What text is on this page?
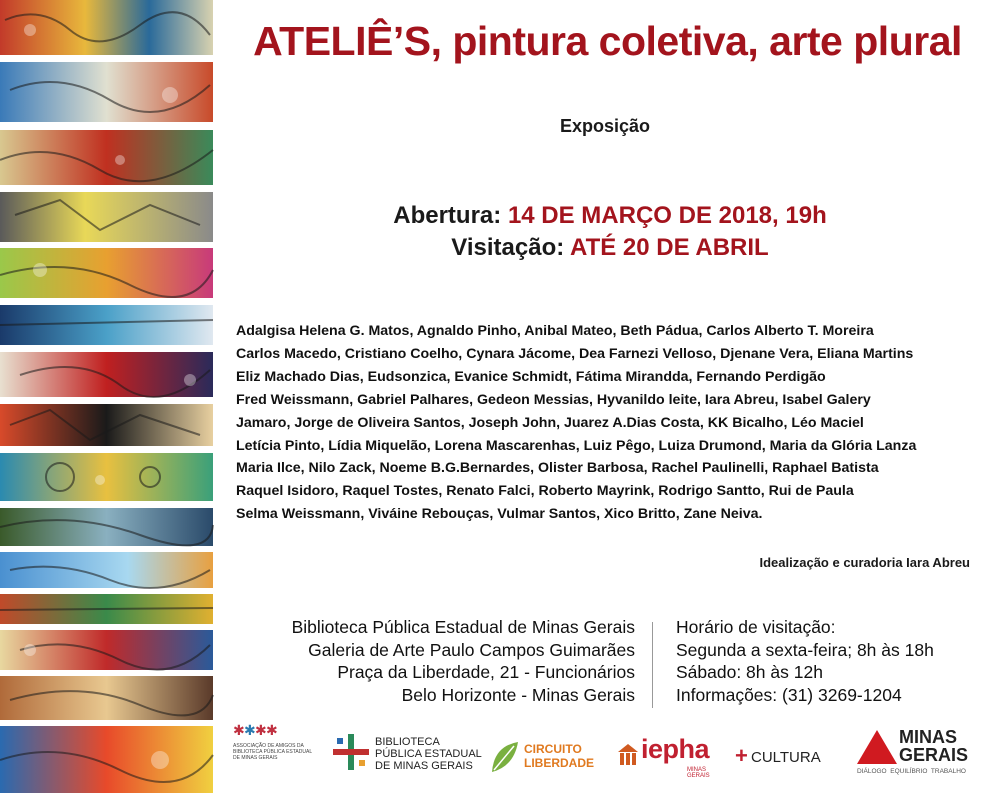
ATELIÊ’S, pintura coletiva, arte plural
Exposição
Abertura: 14 DE MARÇO DE 2018, 19h
Visitação: ATÉ 20 DE ABRIL
Adalgisa Helena G. Matos, Agnaldo Pinho, Anibal Mateo, Beth Pádua, Carlos Alberto T. Moreira
Carlos Macedo, Cristiano Coelho, Cynara Jácome, Dea Farnezi Velloso, Djenane Vera, Eliana Martins
Eliz Machado Dias, Eudsonzica, Evanice Schmidt, Fátima Mirandda, Fernando Perdigão
Fred Weissmann, Gabriel Palhares, Gedeon Messias, Hyvanildo leite, Iara Abreu, Isabel Galery
Jamaro, Jorge de Oliveira Santos, Joseph John, Juarez A.Dias Costa, KK Bicalho, Léo Maciel
Letícia Pinto, Lídia Miquelão, Lorena Mascarenhas, Luiz Pêgo, Luiza Drumond, Maria da Glória Lanza
Maria Ilce, Nilo Zack, Noeme B.G.Bernardes, Olister Barbosa, Rachel Paulinelli, Raphael Batista
Raquel Isidoro, Raquel Tostes, Renato Falci, Roberto Mayrink, Rodrigo Santto, Rui de Paula
Selma Weissmann, Viváine Rebouças, Vulmar Santos, Xico Britto, Zane Neiva.
Idealização e curadoria Iara Abreu
Biblioteca Pública Estadual de Minas Gerais
Galeria de Arte Paulo Campos Guimarães
Praça da Liberdade, 21 - Funcionários
Belo Horizonte - Minas Gerais
Horário de visitação:
Segunda a sexta-feira; 8h às 18h
Sábado: 8h às 12h
Informações: (31) 3269-1204
✱ ✱ ✱ ✱
ASSOCIAÇÃO DE AMIGOS DA BIBLIOTECA PÚBLICA ESTADUAL DE MINAS GERAIS
BIBLIOTECA
PÚBLICA ESTADUAL
DE MINAS GERAIS
CIRCUITO
LIBERDADE iepha
MINAS GERAIS
+ CULTURA
MINAS
GERAIS
DIÁLOGO  EQUILÍBRIO  TRABALHO
